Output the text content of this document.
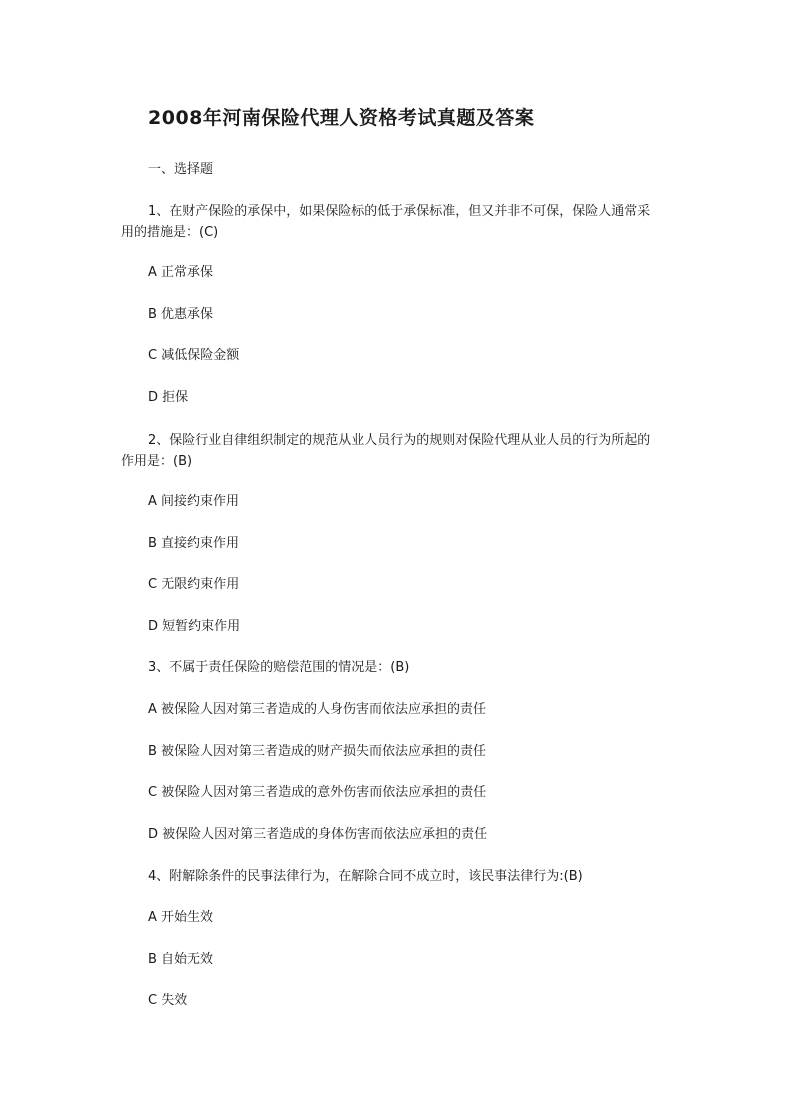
2008年河南保险代理人资格考试真题及答案
一、选择题
1、在财产保险的承保中，如果保险标的低于承保标准，但又并非不可保，保险人通常采用的措施是：(C)
A 正常承保
B 优惠承保
C 减低保险金额
D 拒保
2、保险行业自律组织制定的规范从业人员行为的规则对保险代理从业人员的行为所起的作用是：(B)
A 间接约束作用
B 直接约束作用
C 无限约束作用
D 短暂约束作用
3、不属于责任保险的赔偿范围的情况是：(B)
A 被保险人因对第三者造成的人身伤害而依法应承担的责任
B 被保险人因对第三者造成的财产损失而依法应承担的责任
C 被保险人因对第三者造成的意外伤害而依法应承担的责任
D 被保险人因对第三者造成的身体伤害而依法应承担的责任
4、附解除条件的民事法律行为，在解除合同不成立时，该民事法律行为:(B)
A 开始生效
B 自始无效
C 失效
